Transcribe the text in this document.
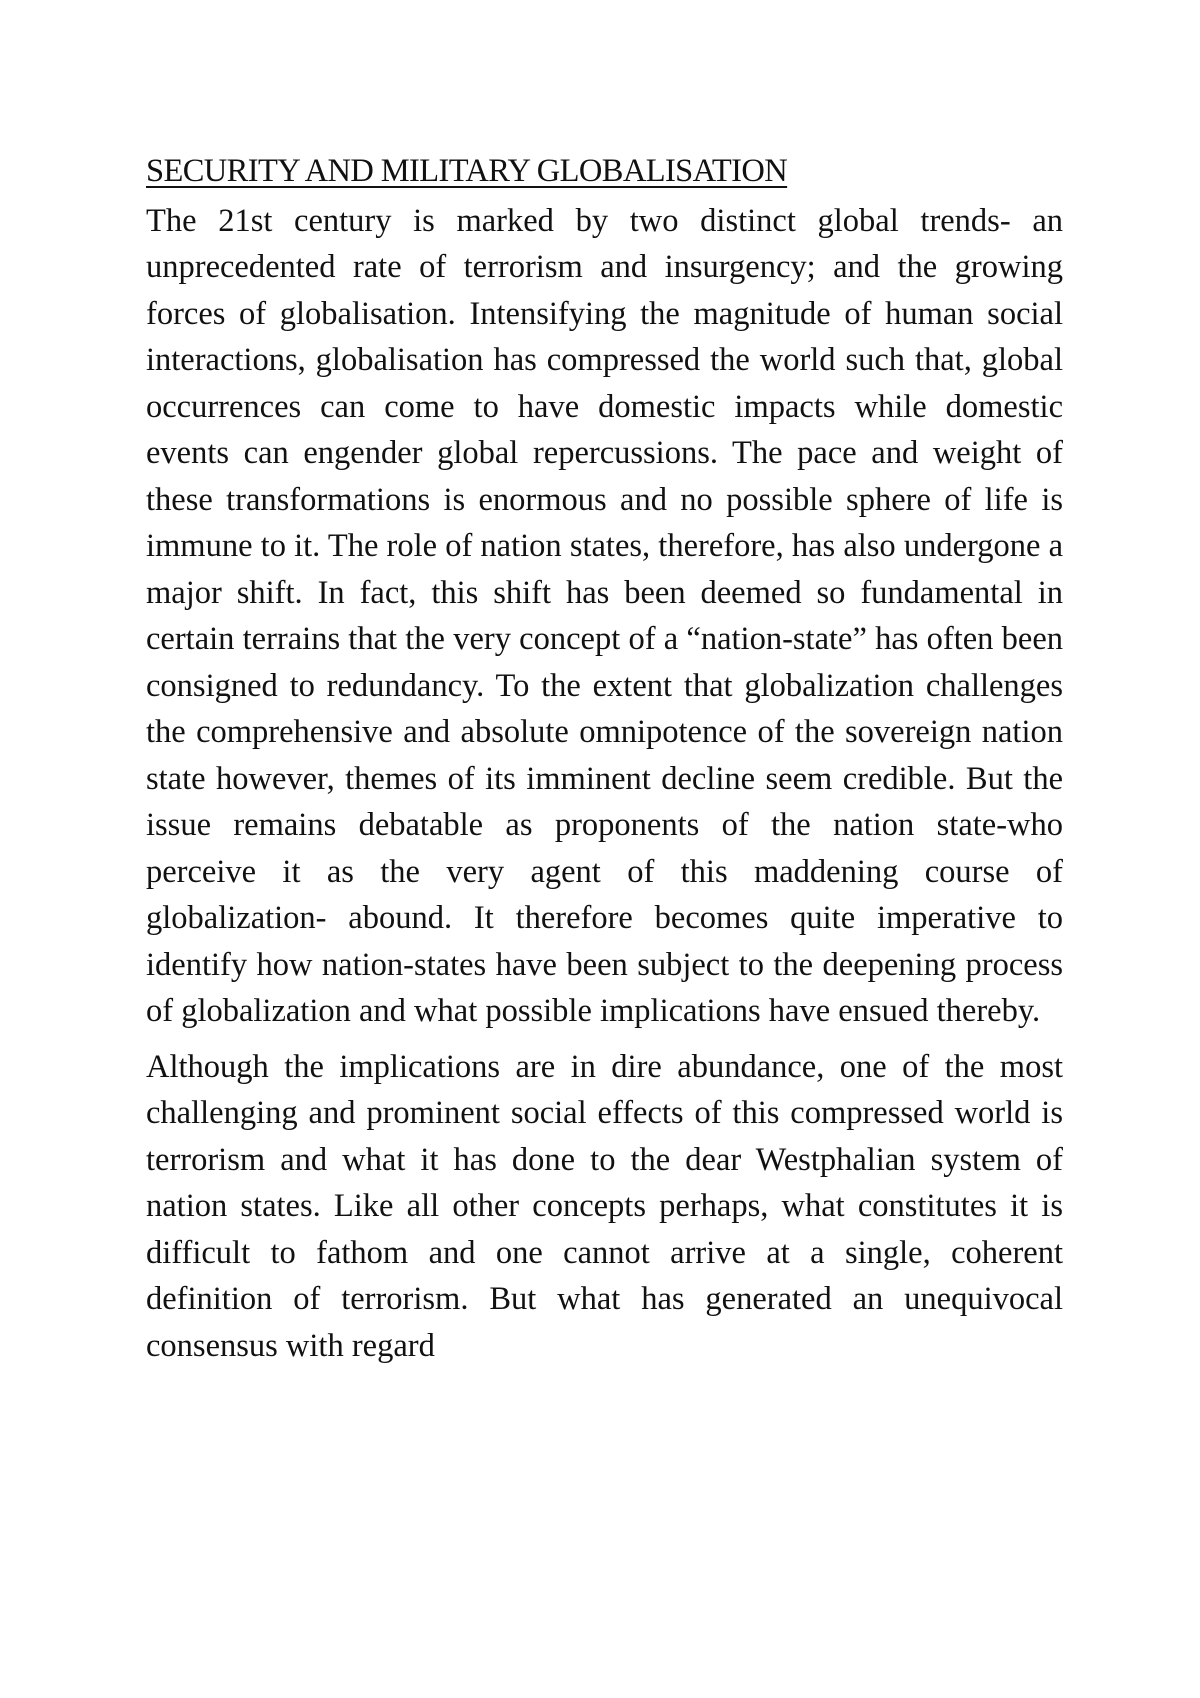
SECURITY AND MILITARY GLOBALISATION

The 21st century is marked by two distinct global trends- an unprecedented rate of terrorism and insurgency; and the growing forces of globalisation. Intensifying the magnitude of human social interactions, globalisation has compressed the world such that, global occurrences can come to have domestic impacts while domestic events can engender global repercussions. The pace and weight of these transformations is enormous and no possible sphere of life is immune to it. The role of nation states, therefore, has also undergone a major shift. In fact, this shift has been deemed so fundamental in certain terrains that the very concept of a “nation-state” has often been consigned to redundancy. To the extent that globalization challenges the comprehensive and absolute omnipotence of the sovereign nation state however, themes of its imminent decline seem credible. But the issue remains debatable as proponents of the nation state-who perceive it as the very agent of this maddening course of globalization- abound. It therefore becomes quite imperative to identify how nation-states have been subject to the deepening process of globalization and what possible implications have ensued thereby.

Although the implications are in dire abundance, one of the most challenging and prominent social effects of this compressed world is terrorism and what it has done to the dear Westphalian system of nation states. Like all other concepts perhaps, what constitutes it is difficult to fathom and one cannot arrive at a single, coherent definition of terrorism. But what has generated an unequivocal consensus with regard
